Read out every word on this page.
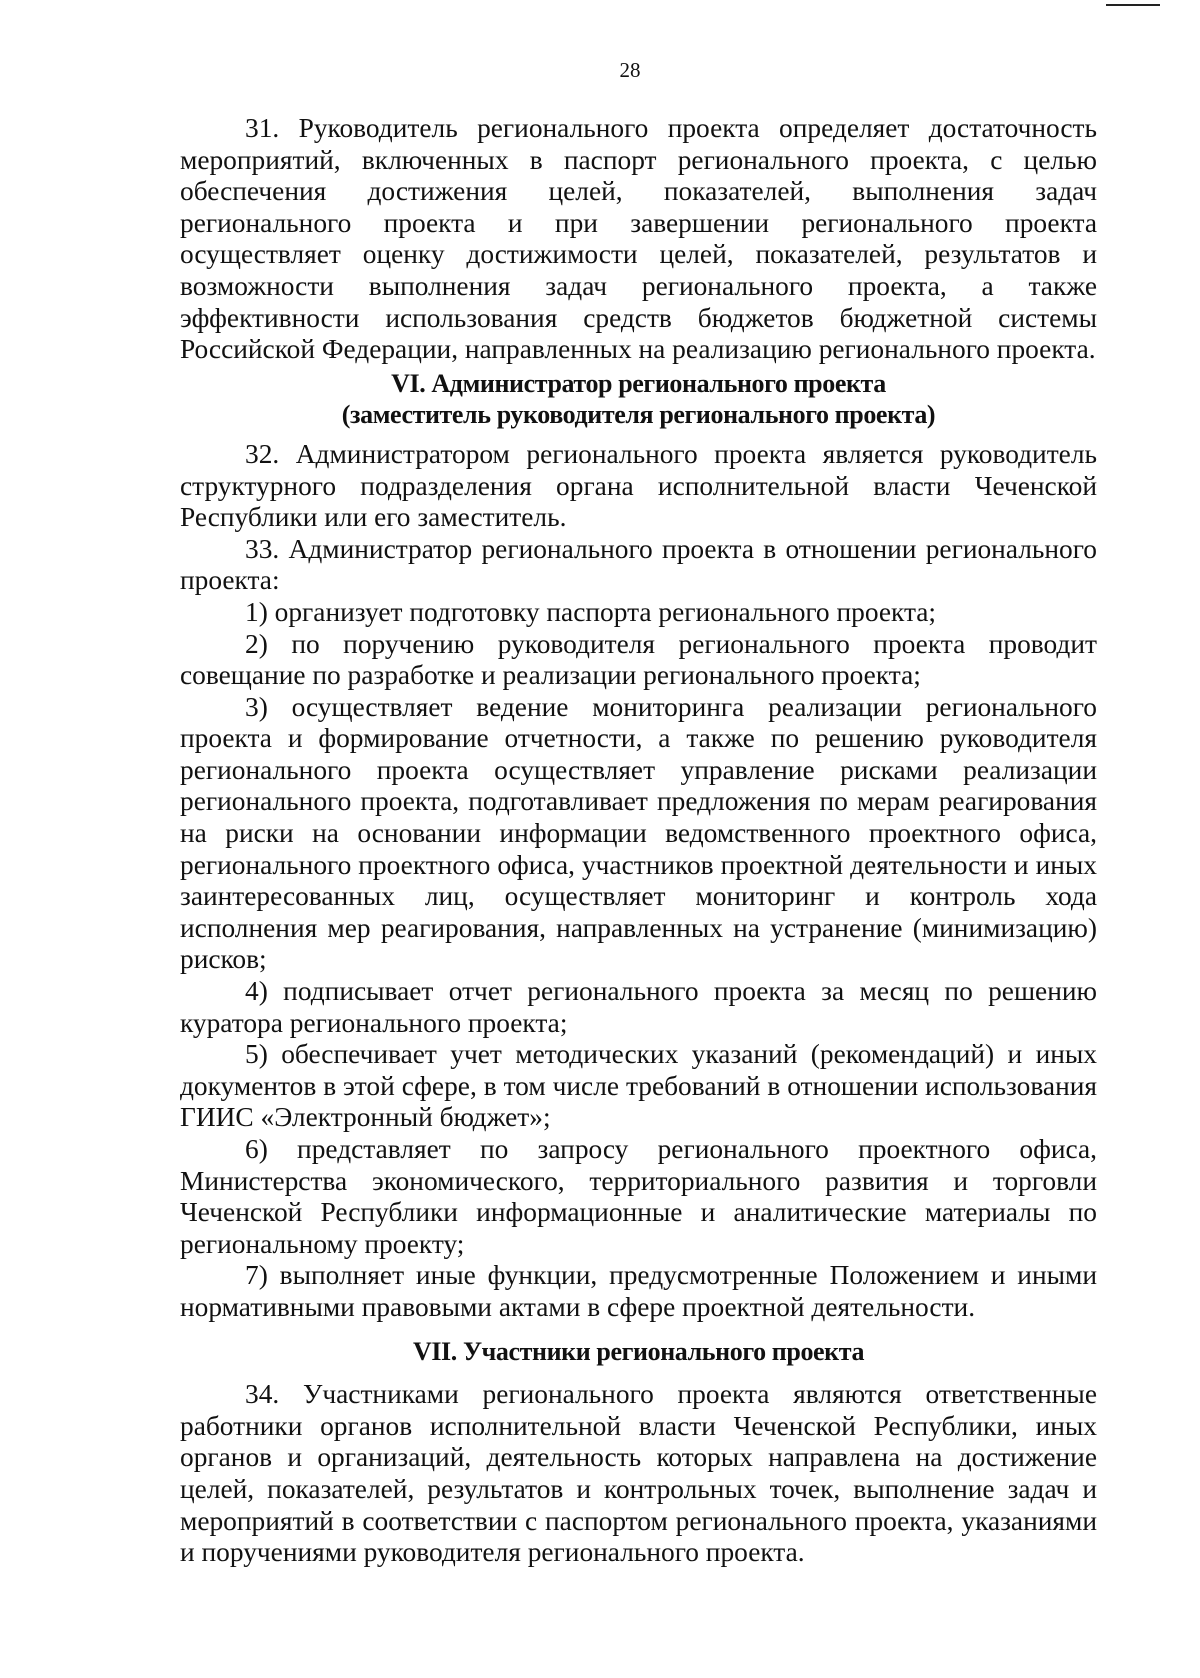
28

31. Руководитель регионального проекта определяет достаточность мероприятий, включенных в паспорт регионального проекта, с целью обеспечения достижения целей, показателей, выполнения задач регионального проекта и при завершении регионального проекта осуществляет оценку достижимости целей, показателей, результатов и возможности выполнения задач регионального проекта, а также эффективности использования средств бюджетов бюджетной системы Российской Федерации, направленных на реализацию регионального проекта.

VI. Администратор регионального проекта
(заместитель руководителя регионального проекта)

32. Администратором регионального проекта является руководитель структурного подразделения органа исполнительной власти Чеченской Республики или его заместитель.

33. Администратор регионального проекта в отношении регионального проекта:

1) организует подготовку паспорта регионального проекта;

2) по поручению руководителя регионального проекта проводит совещание по разработке и реализации регионального проекта;

3) осуществляет ведение мониторинга реализации регионального проекта и формирование отчетности, а также по решению руководителя регионального проекта осуществляет управление рисками реализации регионального проекта, подготавливает предложения по мерам реагирования на риски на основании информации ведомственного проектного офиса, регионального проектного офиса, участников проектной деятельности и иных заинтересованных лиц, осуществляет мониторинг и контроль хода исполнения мер реагирования, направленных на устранение (минимизацию) рисков;

4) подписывает отчет регионального проекта за месяц по решению куратора регионального проекта;

5) обеспечивает учет методических указаний (рекомендаций) и иных документов в этой сфере, в том числе требований в отношении использования ГИИС «Электронный бюджет»;

6) представляет по запросу регионального проектного офиса, Министерства экономического, территориального развития и торговли Чеченской Республики информационные и аналитические материалы по региональному проекту;

7) выполняет иные функции, предусмотренные Положением и иными нормативными правовыми актами в сфере проектной деятельности.

VII. Участники регионального проекта

34. Участниками регионального проекта являются ответственные работники органов исполнительной власти Чеченской Республики, иных органов и организаций, деятельность которых направлена на достижение целей, показателей, результатов и контрольных точек, выполнение задач и мероприятий в соответствии с паспортом регионального проекта, указаниями и поручениями руководителя регионального проекта.
